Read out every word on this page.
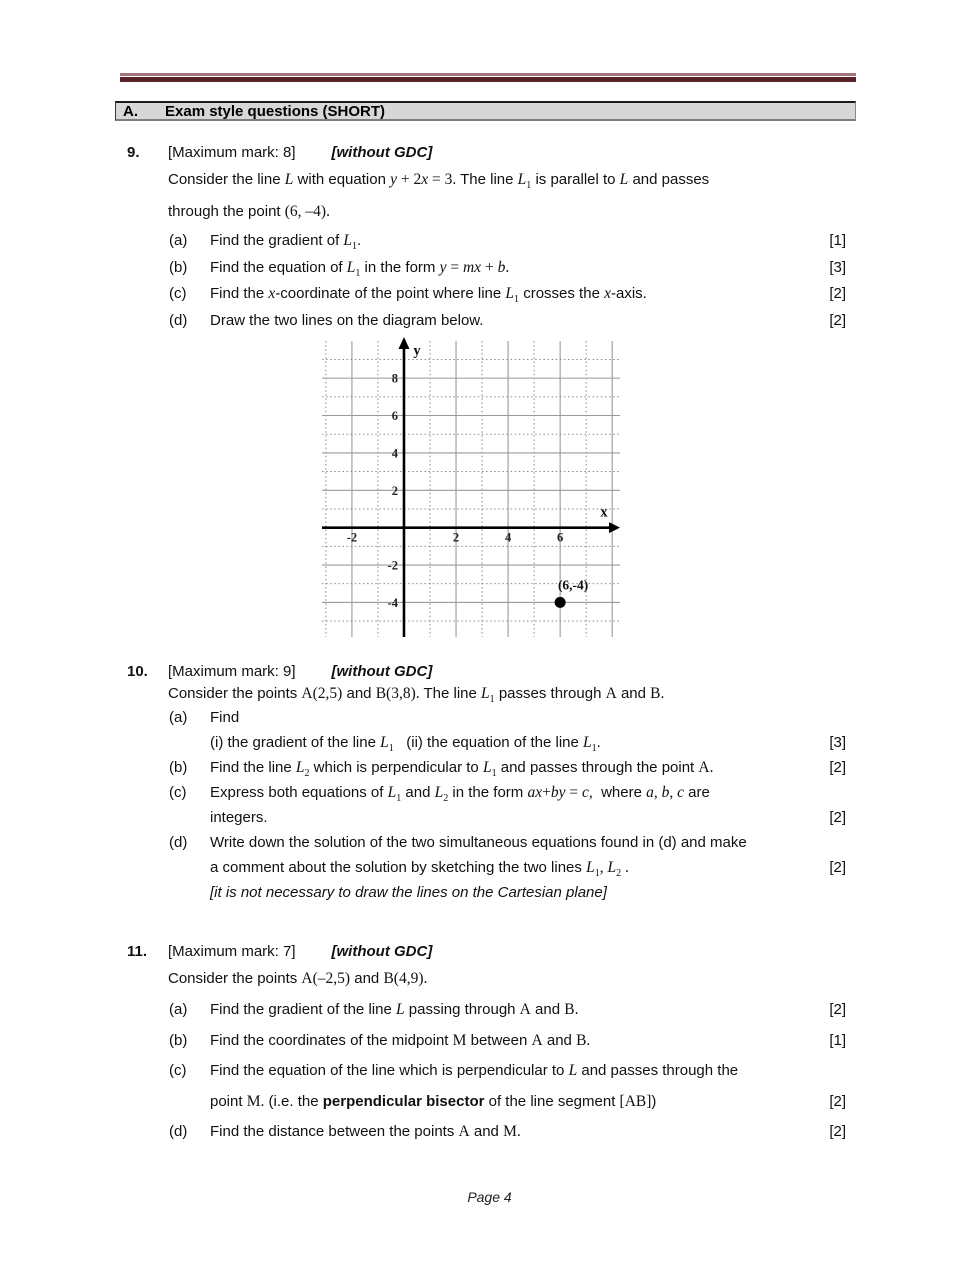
A. Exam style questions (SHORT)
9.	[Maximum mark: 8] [without GDC]
Consider the line L with equation y + 2x = 3. The line $L_1$ is parallel to L and passes
through the point (6, –4).
(a)	Find the gradient of $L_1$.	[1]
(b)	Find the equation of $L_1$ in the form y = mx + b.	[3]
(c)	Find the x-coordinate of the point where line $L_1$ crosses the x-axis.	[2]
(d)	Draw the two lines on the diagram below.	[2]
10.	[Maximum mark: 9] [without GDC]
Consider the points A(2,5) and B(3,8). The line $L_1$ passes through A and B.
(a)	Find
(i) the gradient of the line $L_1$   (ii) the equation of the line $L_1$.	[3]
(b)	Find the line $L_2$ which is perpendicular to $L_1$ and passes through the point A.	[2]
(c)	Express both equations of $L_1$ and $L_2$ in the form ax+by = c,  where a, b, c are
integers.	[2]
(d)	Write down the solution of the two simultaneous equations found in (d) and make
a comment about the solution by sketching the two lines $L_1$, $L_2$ .	[2]
[it is not necessary to draw the lines on the Cartesian plane]
11.	[Maximum mark: 7] [without GDC]
Consider the points A(–2,5) and B(4,9).
(a)	Find the gradient of the line L passing through A and B.	[2]
(b)	Find the coordinates of the midpoint M between A and B.	[1]
(c)	Find the equation of the line which is perpendicular to L and passes through the
point M. (i.e. the perpendicular bisector of the line segment [AB])	[2]
(d)	Find the distance between the points A and M.	[2]
x
y
-2	2	4	6
8
6
4
2
-2
-4
(6,-4)
Page 4
